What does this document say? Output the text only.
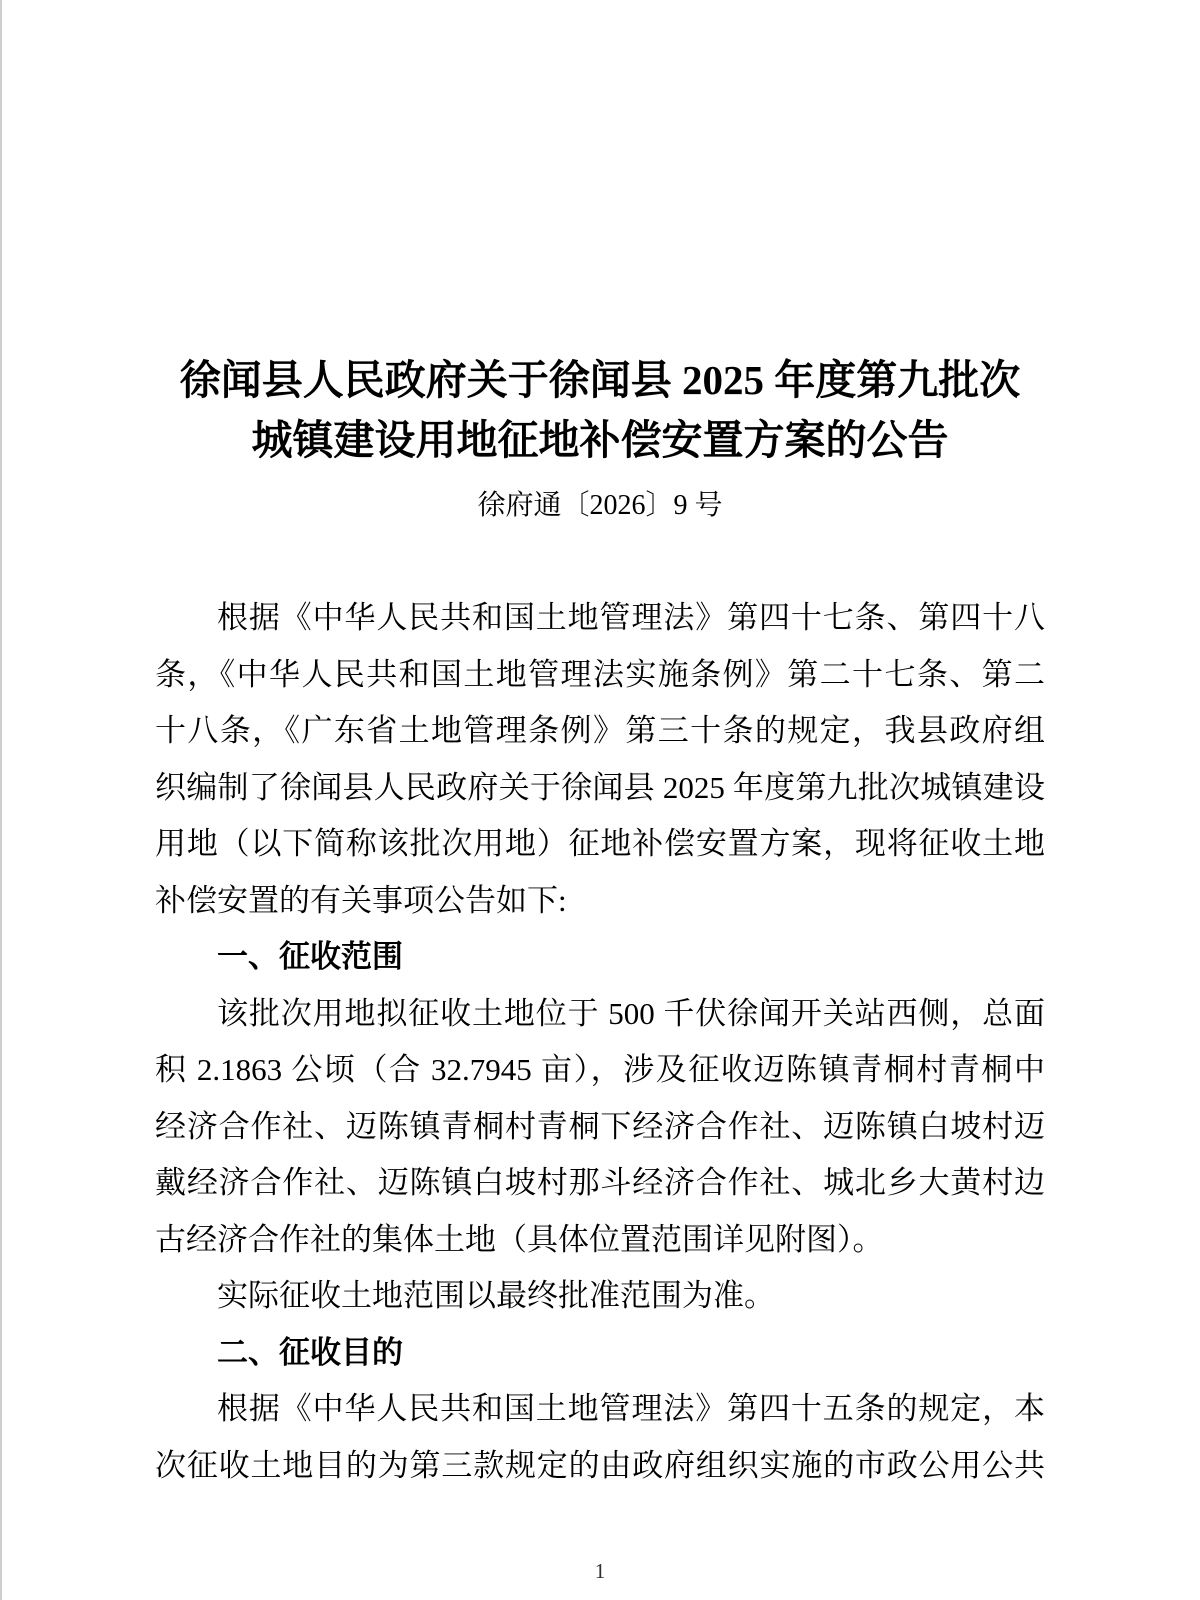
徐闻县人民政府关于徐闻县 2025 年度第九批次
城镇建设用地征地补偿安置方案的公告
徐府通〔2026〕9 号
根据《中华人民共和国土地管理法》第四十七条、第四十八
条，《中华人民共和国土地管理法实施条例》第二十七条、第二
十八条，《广东省土地管理条例》第三十条的规定，我县政府组
织编制了徐闻县人民政府关于徐闻县 2025 年度第九批次城镇建设
用地（以下简称该批次用地）征地补偿安置方案，现将征收土地
补偿安置的有关事项公告如下:
一、征收范围
该批次用地拟征收土地位于 500 千伏徐闻开关站西侧，总面
积 2.1863 公顷（合 32.7945 亩），涉及征收迈陈镇青桐村青桐中
经济合作社、迈陈镇青桐村青桐下经济合作社、迈陈镇白坡村迈
戴经济合作社、迈陈镇白坡村那斗经济合作社、城北乡大黄村边
古经济合作社的集体土地（具体位置范围详见附图）。
实际征收土地范围以最终批准范围为准。
二、征收目的
根据《中华人民共和国土地管理法》第四十五条的规定，本
次征收土地目的为第三款规定的由政府组织实施的市政公用公共
1
